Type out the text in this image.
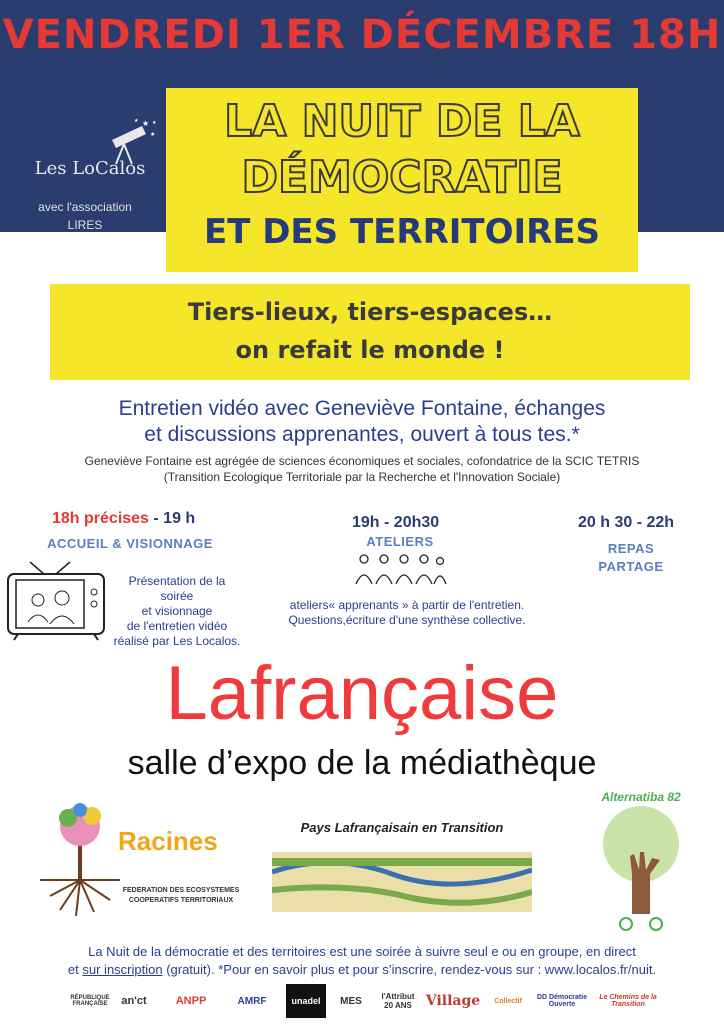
VENDREDI 1ER DÉCEMBRE 18H
★
★
★	★
Les LoCalos
avec l'association
LIRES
LA NUIT DE LA
DÉMOCRATIE
ET DES TERRITOIRES
Tiers-lieux, tiers-espaces…
on refait le monde !
Entretien vidéo avec Geneviève Fontaine, échanges
et discussions apprenantes, ouvert à tous tes.*
Geneviève Fontaine est agrégée de sciences économiques et sociales, cofondatrice de la SCIC TETRIS
(Transition Ecologique Territoriale par la Recherche et l'Innovation Sociale)
18h précises - 19 h
ACCUEIL & VISIONNAGE
Présentation de la soirée
et visionnage
de l'entretien vidéo
réalisé par Les Localos.
19h - 20h30
ATELIERS
ateliers« apprenants » à partir de l'entretien.
Questions,écriture d'une synthèse collective.
20 h 30 - 22h
REPAS
PARTAGE
Lafrançaise
salle d’expo de la médiathèque
Racines
FEDERATION DES ECOSYSTEMES
COOPERATIFS TERRITORIAUX
Pays Lafrançaisain en Transition
Alternatiba 82
La Nuit de la démocratie et des territoires est une soirée à suivre seul e ou en groupe, en direct
et sur inscription (gratuit). *Pour en savoir plus et pour s’inscrire, rendez-vous sur : www.localos.fr/nuit.
RÉPUBLIQUE FRANÇAISE	an'ct	ANPP	AMRF	unadel	MES	l'Attribut 20 ANS Village	Collectif	DD Démocratie Ouverte
Le Chemins de la Transition
